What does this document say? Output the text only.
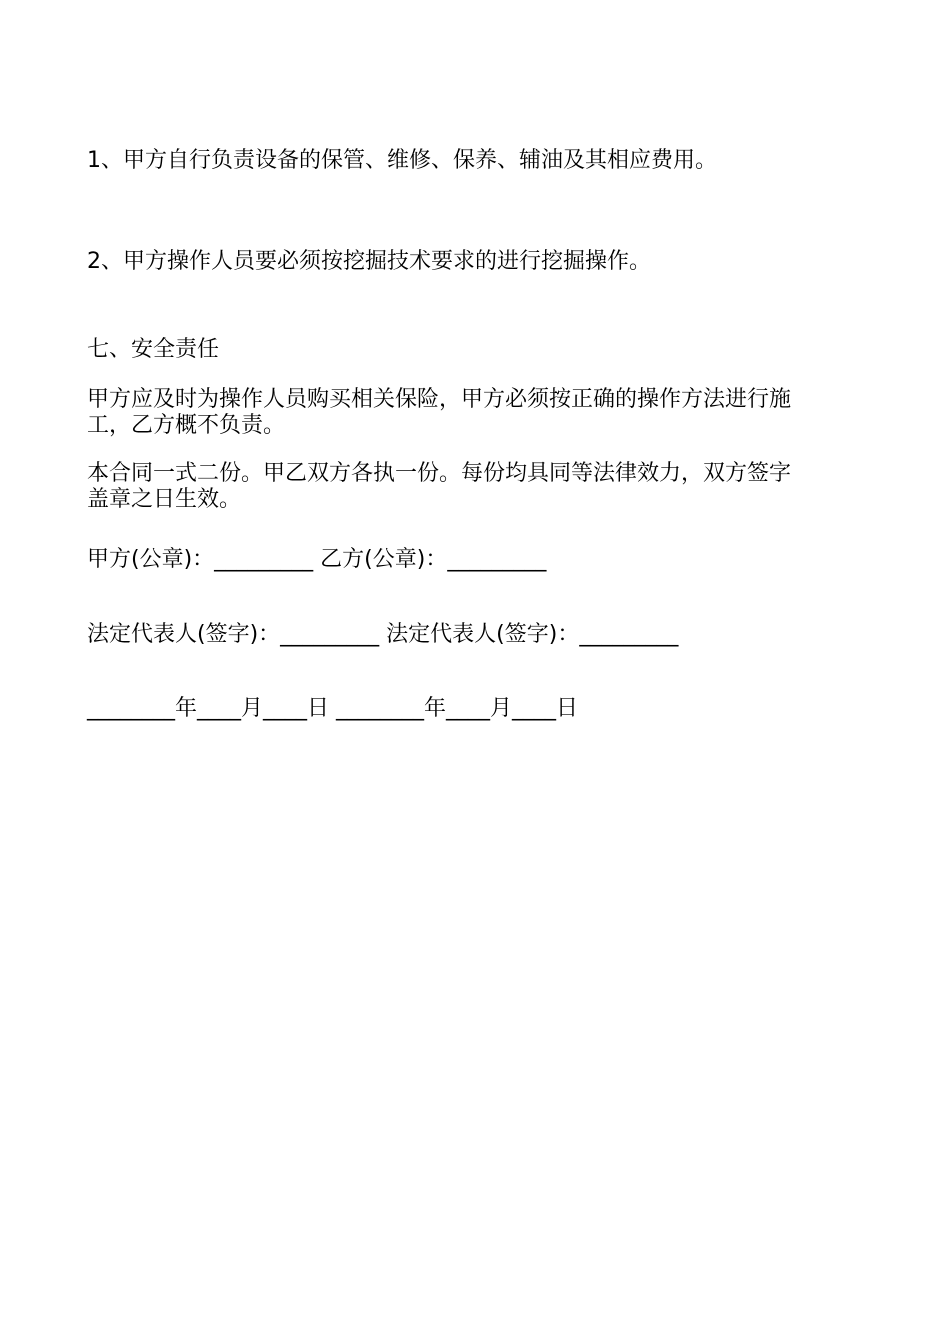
1、甲方自行负责设备的保管、维修、保养、辅油及其相应费用。
2、甲方操作人员要必须按挖掘技术要求的进行挖掘操作。
七、安全责任
甲方应及时为操作人员购买相关保险，甲方必须按正确的操作方法进行施
工，乙方概不负责。
本合同一式二份。甲乙双方各执一份。每份均具同等法律效力，双方签字
盖章之日生效。
甲方(公章)：_________ 乙方(公章)：_________
法定代表人(签字)：_________ 法定代表人(签字)：_________
________年____月____日 ________年____月____日
